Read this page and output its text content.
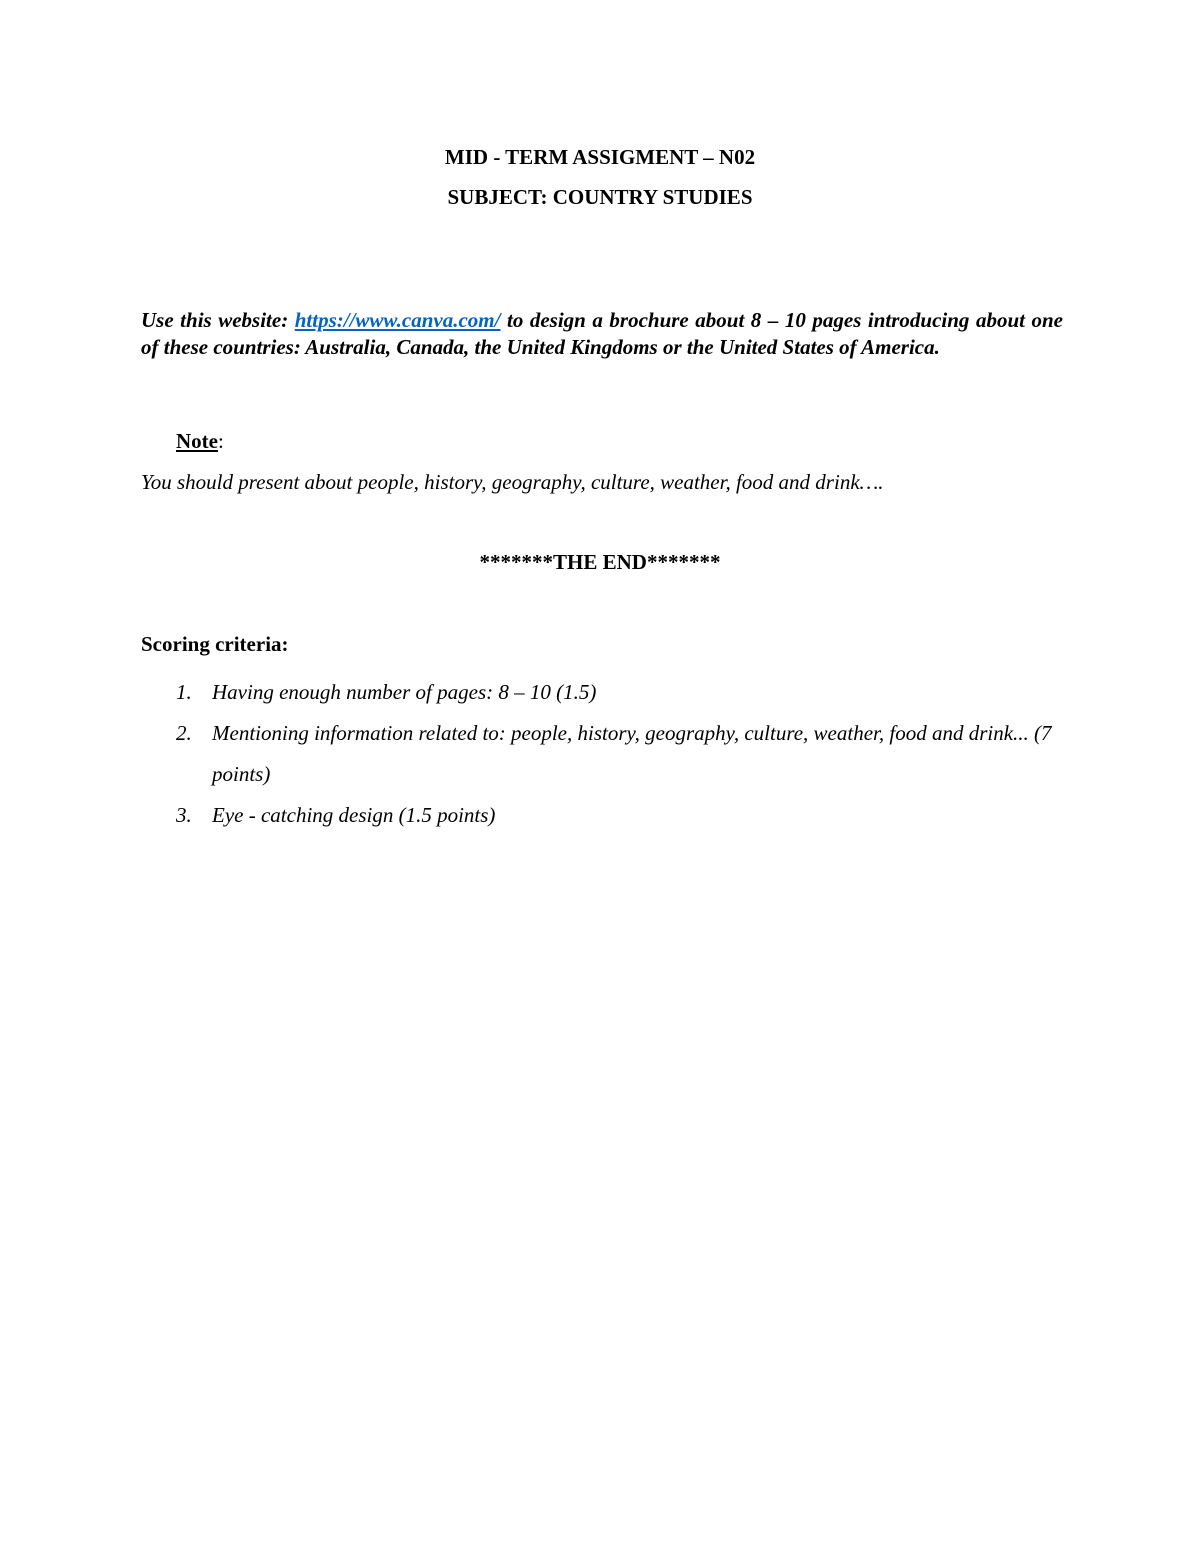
MID - TERM ASSIGMENT – N02
SUBJECT: COUNTRY STUDIES
Use this website: https://www.canva.com/ to design a brochure about 8 – 10 pages introducing about one of these countries: Australia, Canada, the United Kingdoms or the United States of America.
Note:
You should present about people, history, geography, culture, weather, food and drink….
*******THE END*******
Scoring criteria:
1. Having enough number of pages: 8 – 10 (1.5)
2. Mentioning information related to: people, history, geography, culture, weather, food and drink... (7 points)
3. Eye - catching design (1.5 points)
